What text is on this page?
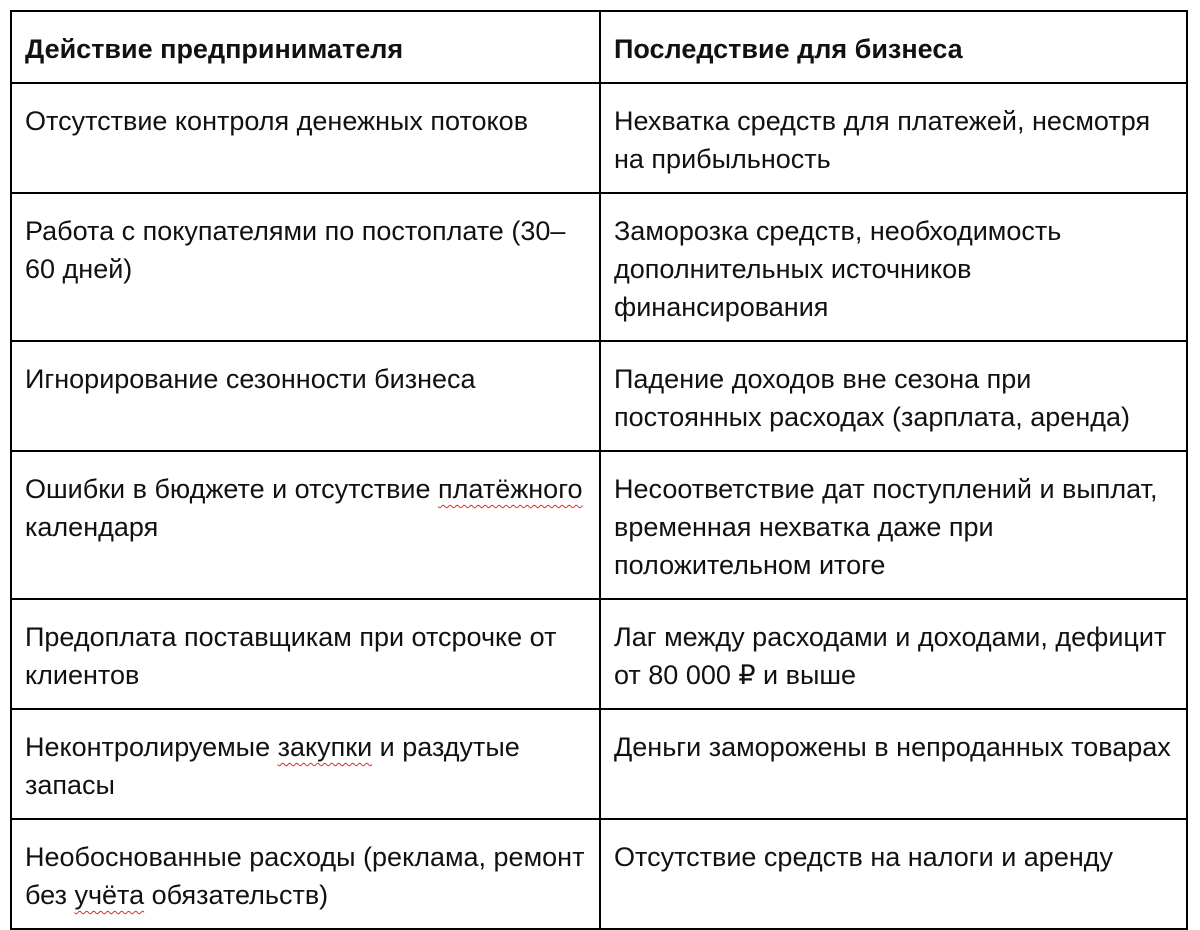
Действие предпринимателя	Последствие для бизнеса
Отсутствие контроля денежных потоков	Нехватка средств для платежей, несмотря на прибыльность
Работа с покупателями по постоплате (30–60 дней)	Заморозка средств, необходимость дополнительных источников финансирования
Игнорирование сезонности бизнеса	Падение доходов вне сезона при постоянных расходах (зарплата, аренда)
Ошибки в бюджете и отсутствие платёжного календаря	Несоответствие дат поступлений и выплат, временная нехватка даже при положительном итоге
Предоплата поставщикам при отсрочке от клиентов	Лаг между расходами и доходами, дефицит от 80 000 ₽ и выше
Неконтролируемые закупки и раздутые запасы	Деньги заморожены в непроданных товарах
Необоснованные расходы (реклама, ремонт без учёта обязательств)	Отсутствие средств на налоги и аренду
